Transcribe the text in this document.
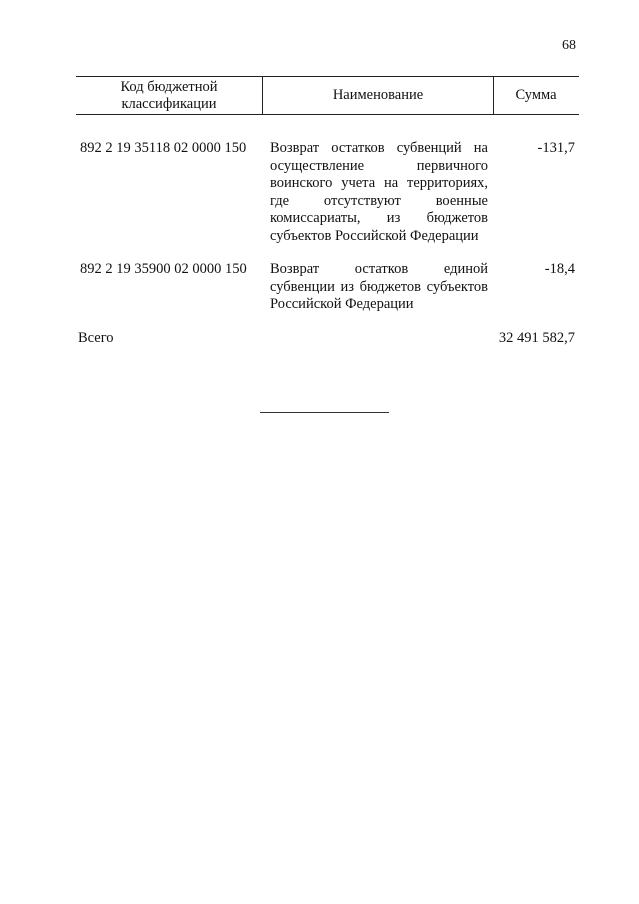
68
Код бюджетной классификации
Наименование	Сумма
892 2 19 35118 02 0000 150 Возврат остатков субвенций на осуществление первичного воинского учета на территориях, где отсутствуют военные комиссариаты, из бюджетов субъектов Российской Федерации
-131,7
892 2 19 35900 02 0000 150 Возврат остатков единой субвенции из бюджетов субъектов Российской Федерации
-18,4
Всего	32 491 582,7
